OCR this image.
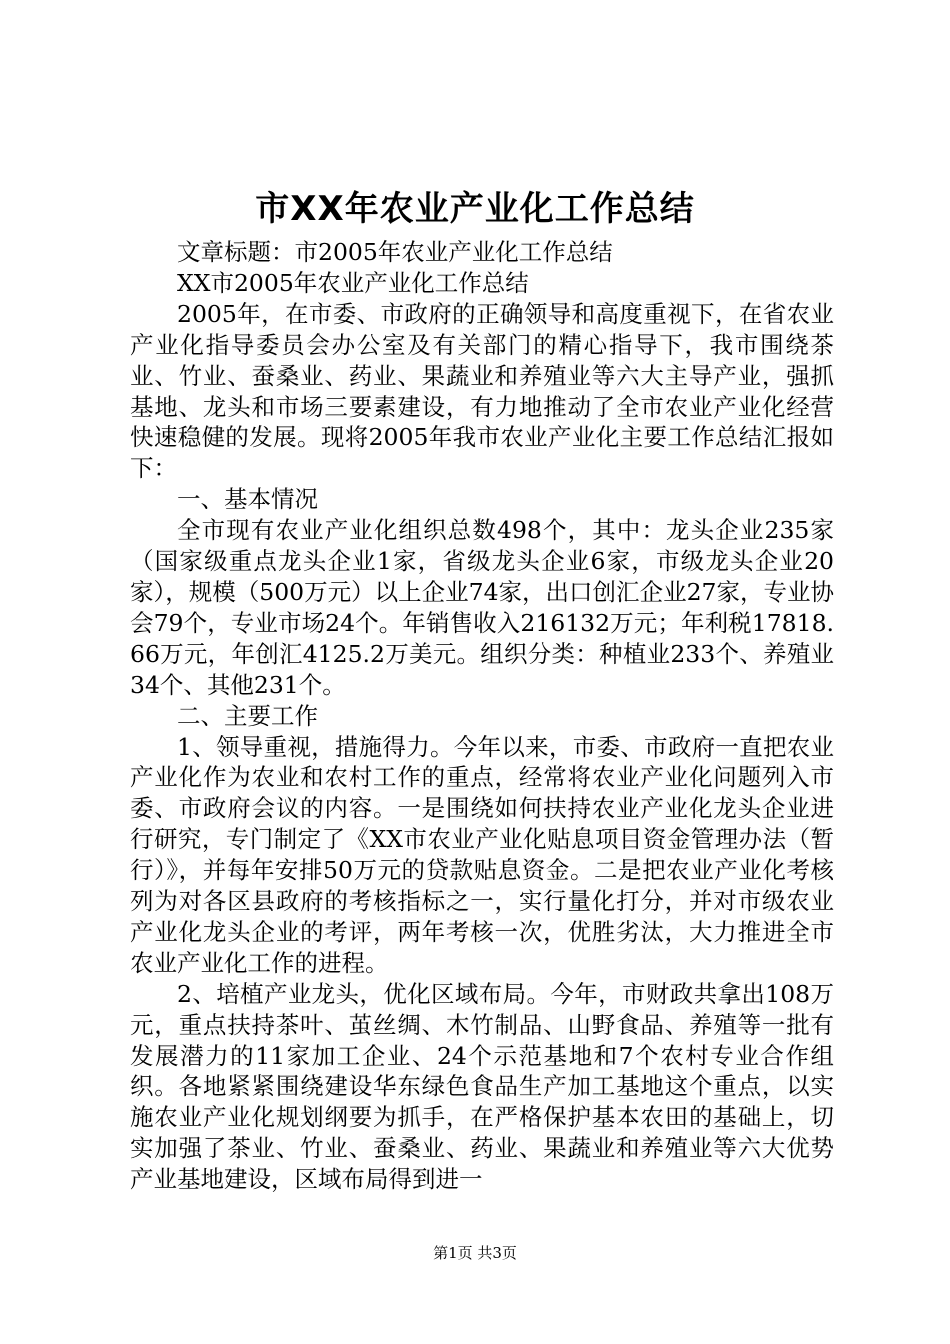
市XX年农业产业化工作总结

文章标题：市2005年农业产业化工作总结

XX市2005年农业产业化工作总结

2005年，在市委、市政府的正确领导和高度重视下，在省农业产业化指导委员会办公室及有关部门的精心指导下，我市围绕茶业、竹业、蚕桑业、药业、果蔬业和养殖业等六大主导产业，强抓基地、龙头和市场三要素建设，有力地推动了全市农业产业化经营快速稳健的发展。现将2005年我市农业产业化主要工作总结汇报如下：

一、基本情况

全市现有农业产业化组织总数498个，其中：龙头企业235家（国家级重点龙头企业1家，省级龙头企业6家，市级龙头企业20家），规模（500万元）以上企业74家，出口创汇企业27家，专业协会79个，专业市场24个。年销售收入216132万元；年利税17818.66万元，年创汇4125.2万美元。组织分类：种植业233个、养殖业34个、其他231个。

二、主要工作

1、领导重视，措施得力。今年以来，市委、市政府一直把农业产业化作为农业和农村工作的重点，经常将农业产业化问题列入市委、市政府会议的内容。一是围绕如何扶持农业产业化龙头企业进行研究，专门制定了《XX市农业产业化贴息项目资金管理办法（暂行）》，并每年安排50万元的贷款贴息资金。二是把农业产业化考核列为对各区县政府的考核指标之一，实行量化打分，并对市级农业产业化龙头企业的考评，两年考核一次，优胜劣汰，大力推进全市农业产业化工作的进程。

2、培植产业龙头，优化区域布局。今年，市财政共拿出108万元，重点扶持茶叶、茧丝绸、木竹制品、山野食品、养殖等一批有发展潜力的11家加工企业、24个示范基地和7个农村专业合作组织。各地紧紧围绕建设华东绿色食品生产加工基地这个重点，以实施农业产业化规划纲要为抓手，在严格保护基本农田的基础上，切实加强了茶业、竹业、蚕桑业、药业、果蔬业和养殖业等六大优势产业基地建设，区域布局得到进一

第1页 共3页
